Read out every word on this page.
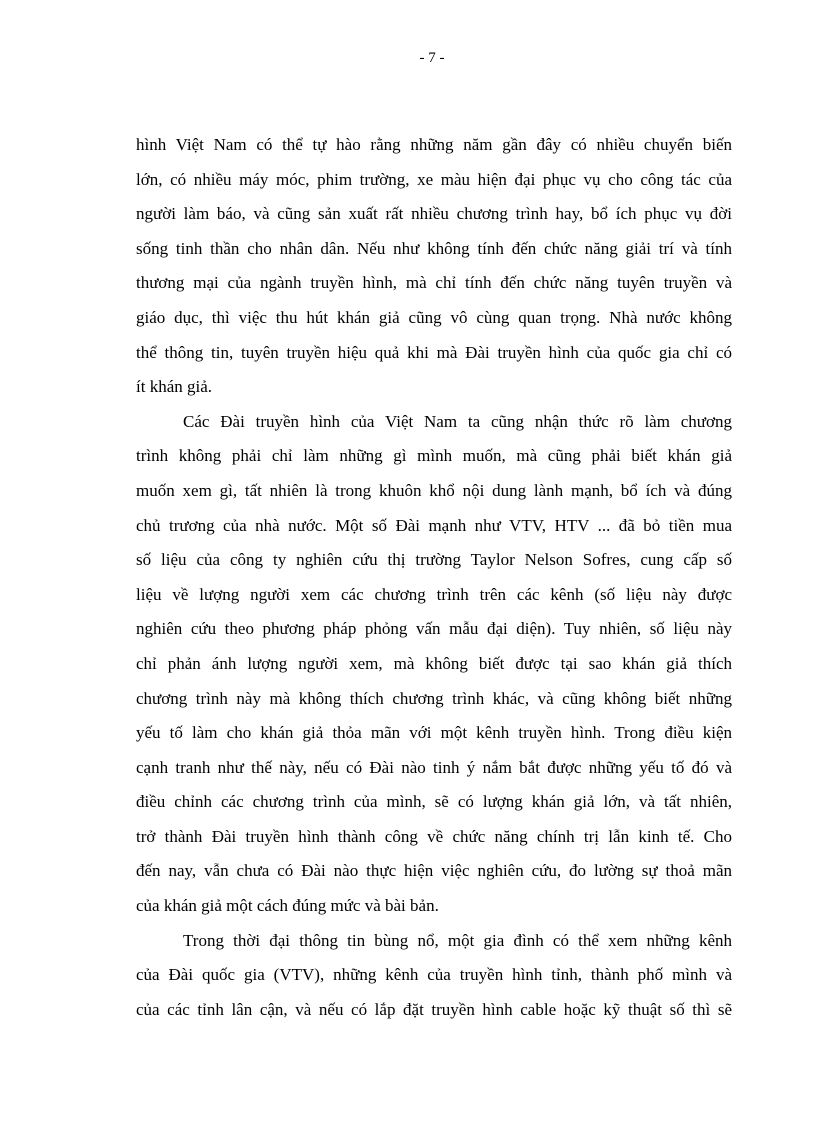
- 7 -
hình Việt Nam có thể tự hào rằng những năm gần đây có nhiều chuyển biến
lớn, có nhiều máy móc, phim trường, xe màu hiện đại phục vụ cho công tác của
người làm báo, và cũng sản xuất rất nhiều chương trình hay, bổ ích phục vụ đời
sống tinh thần cho nhân dân. Nếu như không tính đến chức năng giải trí và tính
thương mại của ngành truyền hình, mà chỉ tính đến chức năng tuyên truyền và
giáo dục, thì việc thu hút khán giả cũng vô cùng quan trọng. Nhà nước không
thể thông tin, tuyên truyền hiệu quả khi mà Đài truyền hình của quốc gia chỉ có
ít khán giả.
Các Đài truyền hình của Việt Nam ta cũng nhận thức rõ làm chương
trình không phải chỉ làm những gì mình muốn, mà cũng phải biết khán giả
muốn xem gì, tất nhiên là trong khuôn khổ nội dung lành mạnh, bổ ích và đúng
chủ trương của nhà nước. Một số Đài mạnh như VTV, HTV ... đã bỏ tiền mua
số liệu của công ty nghiên cứu thị trường Taylor Nelson Sofres, cung cấp số
liệu về lượng người xem các chương trình trên các kênh (số liệu này được
nghiên cứu theo phương pháp phỏng vấn mẫu đại diện). Tuy nhiên, số liệu này
chỉ phản ánh lượng người xem, mà không biết được tại sao khán giả thích
chương trình này mà không thích chương trình khác, và cũng không biết những
yếu tố làm cho khán giả thỏa mãn với một kênh truyền hình. Trong điều kiện
cạnh tranh như thế này, nếu có Đài nào tinh ý nắm bắt được những yếu tố đó và
điều chỉnh các chương trình của mình, sẽ có lượng khán giả lớn, và tất nhiên,
trở thành Đài truyền hình thành công về chức năng chính trị lẫn kinh tế. Cho
đến nay, vẫn chưa có Đài nào thực hiện việc nghiên cứu, đo lường sự thoả mãn
của khán giả một cách đúng mức và bài bản.
Trong thời đại thông tin bùng nổ, một gia đình có thể xem những kênh
của Đài quốc gia (VTV), những kênh của truyền hình tỉnh, thành phố mình và
của các tỉnh lân cận, và nếu có lắp đặt truyền hình cable hoặc kỹ thuật số thì sẽ
